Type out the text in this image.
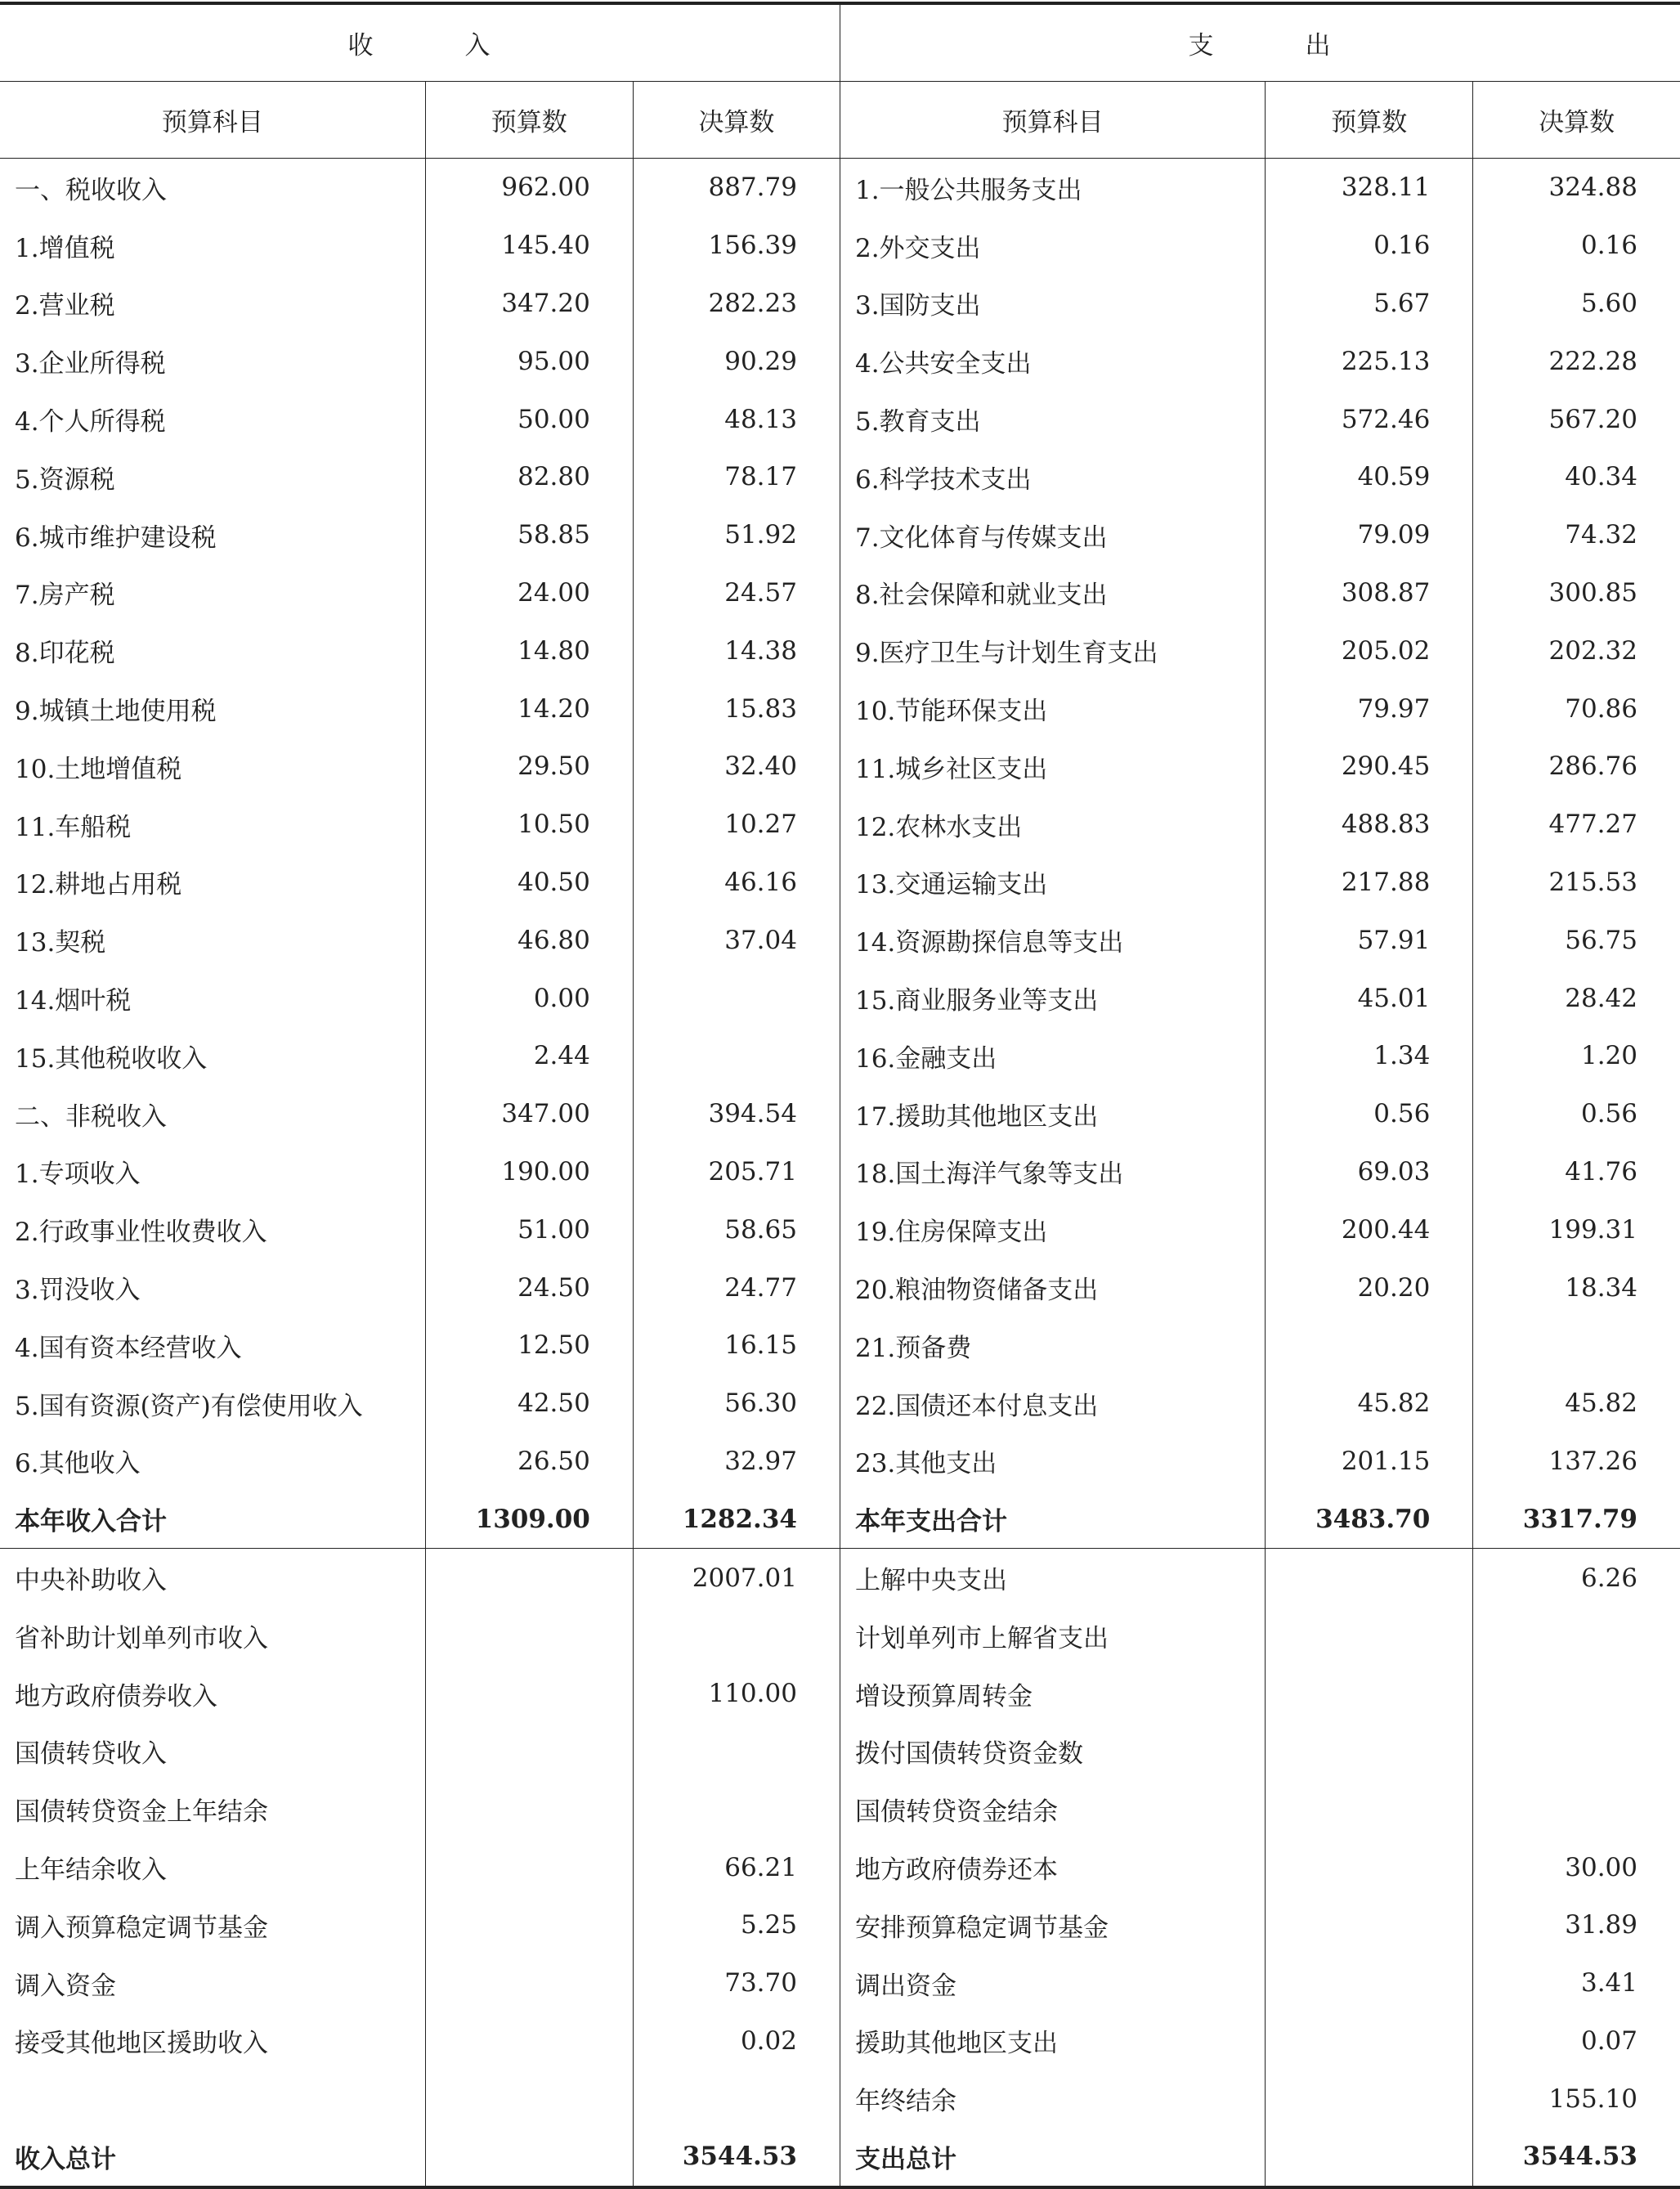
收 入			支 出		
预算科目	预算数	决算数	预算科目	预算数	决算数
一、税收收入	962.00	887.79	1.一般公共服务支出	328.11	324.88
1.增值税	145.40	156.39	2.外交支出	0.16	0.16
2.营业税	347.20	282.23	3.国防支出	5.67	5.60
3.企业所得税	95.00	90.29	4.公共安全支出	225.13	222.28
4.个人所得税	50.00	48.13	5.教育支出	572.46	567.20
5.资源税	82.80	78.17	6.科学技术支出	40.59	40.34
6.城市维护建设税	58.85	51.92	7.文化体育与传媒支出	79.09	74.32
7.房产税	24.00	24.57	8.社会保障和就业支出	308.87	300.85
8.印花税	14.80	14.38	9.医疗卫生与计划生育支出	205.02	202.32
9.城镇土地使用税	14.20	15.83	10.节能环保支出	79.97	70.86
10.土地增值税	29.50	32.40	11.城乡社区支出	290.45	286.76
11.车船税	10.50	10.27	12.农林水支出	488.83	477.27
12.耕地占用税	40.50	46.16	13.交通运输支出	217.88	215.53
13.契税	46.80	37.04	14.资源勘探信息等支出	57.91	56.75
14.烟叶税	0.00		15.商业服务业等支出	45.01	28.42
15.其他税收收入	2.44		16.金融支出	1.34	1.20
二、非税收入	347.00	394.54	17.援助其他地区支出	0.56	0.56
1.专项收入	190.00	205.71	18.国土海洋气象等支出	69.03	41.76
2.行政事业性收费收入	51.00	58.65	19.住房保障支出	200.44	199.31
3.罚没收入	24.50	24.77	20.粮油物资储备支出	20.20	18.34
4.国有资本经营收入	12.50	16.15	21.预备费		
5.国有资源(资产)有偿使用收入	42.50	56.30	22.国债还本付息支出	45.82	45.82
6.其他收入	26.50	32.97	23.其他支出	201.15	137.26
本年收入合计	1309.00	1282.34	本年支出合计	3483.70	3317.79
中央补助收入		2007.01	上解中央支出		6.26
省补助计划单列市收入			计划单列市上解省支出		
地方政府债券收入		110.00	增设预算周转金		
国债转贷收入			拨付国债转贷资金数		
国债转贷资金上年结余			国债转贷资金结余		
上年结余收入		66.21	地方政府债券还本		30.00
调入预算稳定调节基金		5.25	安排预算稳定调节基金		31.89
调入资金		73.70	调出资金		3.41
接受其他地区援助收入		0.02	援助其他地区支出		0.07
			年终结余		155.10
收入总计		3544.53	支出总计		3544.53
